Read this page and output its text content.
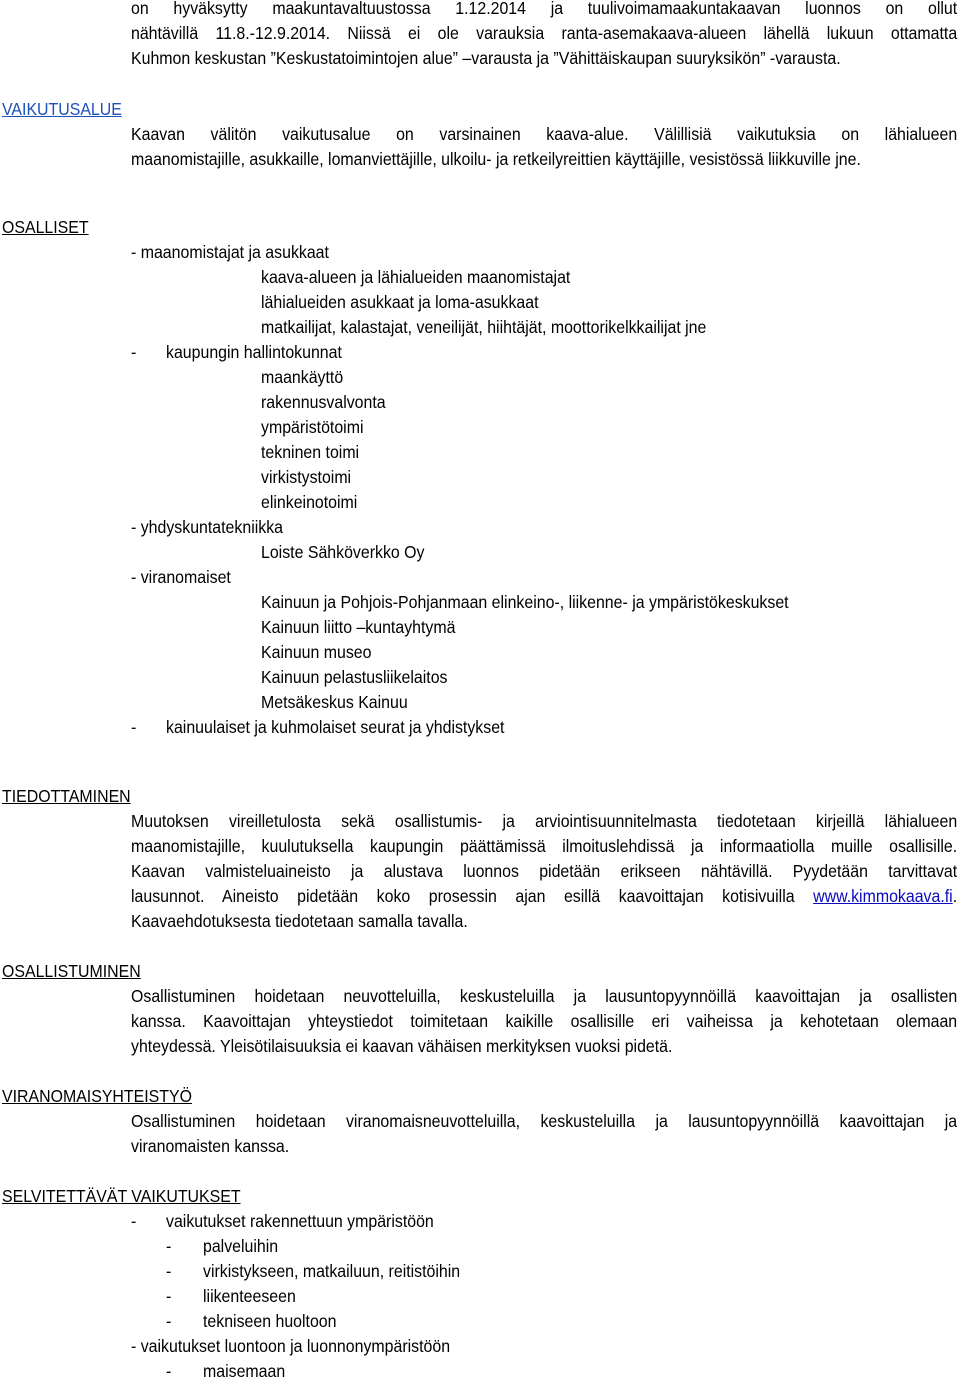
on hyväksytty maakuntavaltuustossa 1.12.2014 ja tuulivoimamaakuntakaavan luonnos on ollut
nähtävillä 11.8.-12.9.2014. Niissä ei ole varauksia ranta-asemakaava-alueen lähellä lukuun ottamatta
Kuhmon keskustan ”Keskustatoimintojen alue” –varausta ja ”Vähittäiskaupan suuryksikön” -varausta.
VAIKUTUSALUE
Kaavan välitön vaikutusalue on varsinainen kaava-alue. Välillisiä vaikutuksia on lähialueen
maanomistajille, asukkaille, lomanviettäjille, ulkoilu- ja retkeilyreittien käyttäjille, vesistössä liikkuville jne.
OSALLISET
- maanomistajat ja asukkaat
kaava-alueen ja lähialueiden maanomistajat
lähialueiden asukkaat ja loma-asukkaat
matkailijat, kalastajat, veneilijät, hiihtäjät, moottorikelkkailijat jne
- kaupungin hallintokunnat
maankäyttö
rakennusvalvonta
ympäristötoimi
tekninen toimi
virkistystoimi
elinkeinotoimi
- yhdyskuntatekniikka
Loiste Sähköverkko Oy
- viranomaiset
Kainuun ja Pohjois-Pohjanmaan elinkeino-, liikenne- ja ympäristökeskukset
Kainuun liitto –kuntayhtymä
Kainuun museo
Kainuun pelastusliikelaitos
Metsäkeskus Kainuu
- kainuulaiset ja kuhmolaiset seurat ja yhdistykset
TIEDOTTAMINEN
Muutoksen vireilletulosta sekä osallistumis- ja arviointisuunnitelmasta tiedotetaan kirjeillä lähialueen
maanomistajille, kuulutuksella kaupungin päättämissä ilmoituslehdissä ja informaatiolla muille osallisille.
Kaavan valmisteluaineisto ja alustava luonnos pidetään erikseen nähtävillä. Pyydetään tarvittavat
lausunnot. Aineisto pidetään koko prosessin ajan esillä kaavoittajan kotisivuilla www.kimmokaava.fi.
Kaavaehdotuksesta tiedotetaan samalla tavalla.
OSALLISTUMINEN
Osallistuminen hoidetaan neuvotteluilla, keskusteluilla ja lausuntopyynnöillä kaavoittajan ja osallisten
kanssa. Kaavoittajan yhteystiedot toimitetaan kaikille osallisille eri vaiheissa ja kehotetaan olemaan
yhteydessä. Yleisötilaisuuksia ei kaavan vähäisen merkityksen vuoksi pidetä.
VIRANOMAISYHTEISTYÖ
Osallistuminen hoidetaan viranomaisneuvotteluilla, keskusteluilla ja lausuntopyynnöillä kaavoittajan ja
viranomaisten kanssa.
SELVITETTÄVÄT VAIKUTUKSET
- vaikutukset rakennettuun ympäristöön
- palveluihin
- virkistykseen, matkailuun, reitistöihin
- liikenteeseen
- tekniseen huoltoon
- vaikutukset luontoon ja luonnonympäristöön
- maisemaan
